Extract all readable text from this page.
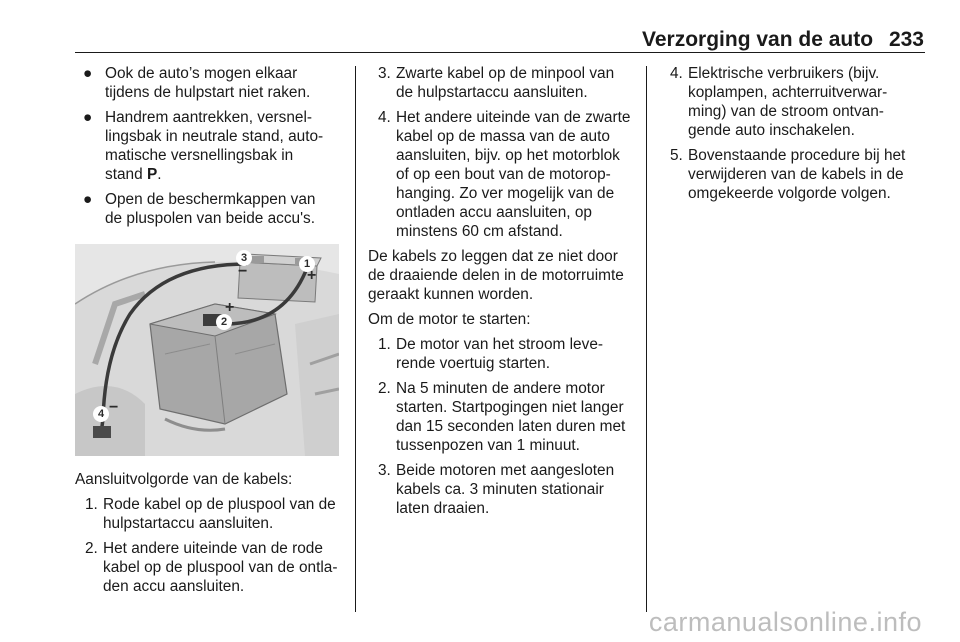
Verzorging van de auto 233
● Ook de auto’s mogen elkaar
tijdens de hulpstart niet raken.
● Handrem aantrekken, versnel-
lingsbak in neutrale stand, auto-
matische versnellingsbak in
stand P.
● Open de beschermkappen van
de pluspolen van beide accu's.
1
2
3
4
+
+
−
−
Aansluitvolgorde van de kabels:
1. Rode kabel op de pluspool van de
hulpstartaccu aansluiten.
2. Het andere uiteinde van de rode
kabel op de pluspool van de ontla-
den accu aansluiten.
3. Zwarte kabel op de minpool van
de hulpstartaccu aansluiten.
4. Het andere uiteinde van de zwarte
kabel op de massa van de auto
aansluiten, bijv. op het motorblok
of op een bout van de motorop-
hanging. Zo ver mogelijk van de
ontladen accu aansluiten, op
minstens 60 cm afstand.
De kabels zo leggen dat ze niet door
de draaiende delen in de motorruimte
geraakt kunnen worden.
Om de motor te starten:
1. De motor van het stroom leve-
rende voertuig starten.
2. Na 5 minuten de andere motor
starten. Startpogingen niet langer
dan 15 seconden laten duren met
tussenpozen van 1 minuut.
3. Beide motoren met aangesloten
kabels ca. 3 minuten stationair
laten draaien.
4. Elektrische verbruikers (bijv.
koplampen, achterruitverwar-
ming) van de stroom ontvan-
gende auto inschakelen.
5. Bovenstaande procedure bij het
verwijderen van de kabels in de
omgekeerde volgorde volgen.
carmanualsonline.info
